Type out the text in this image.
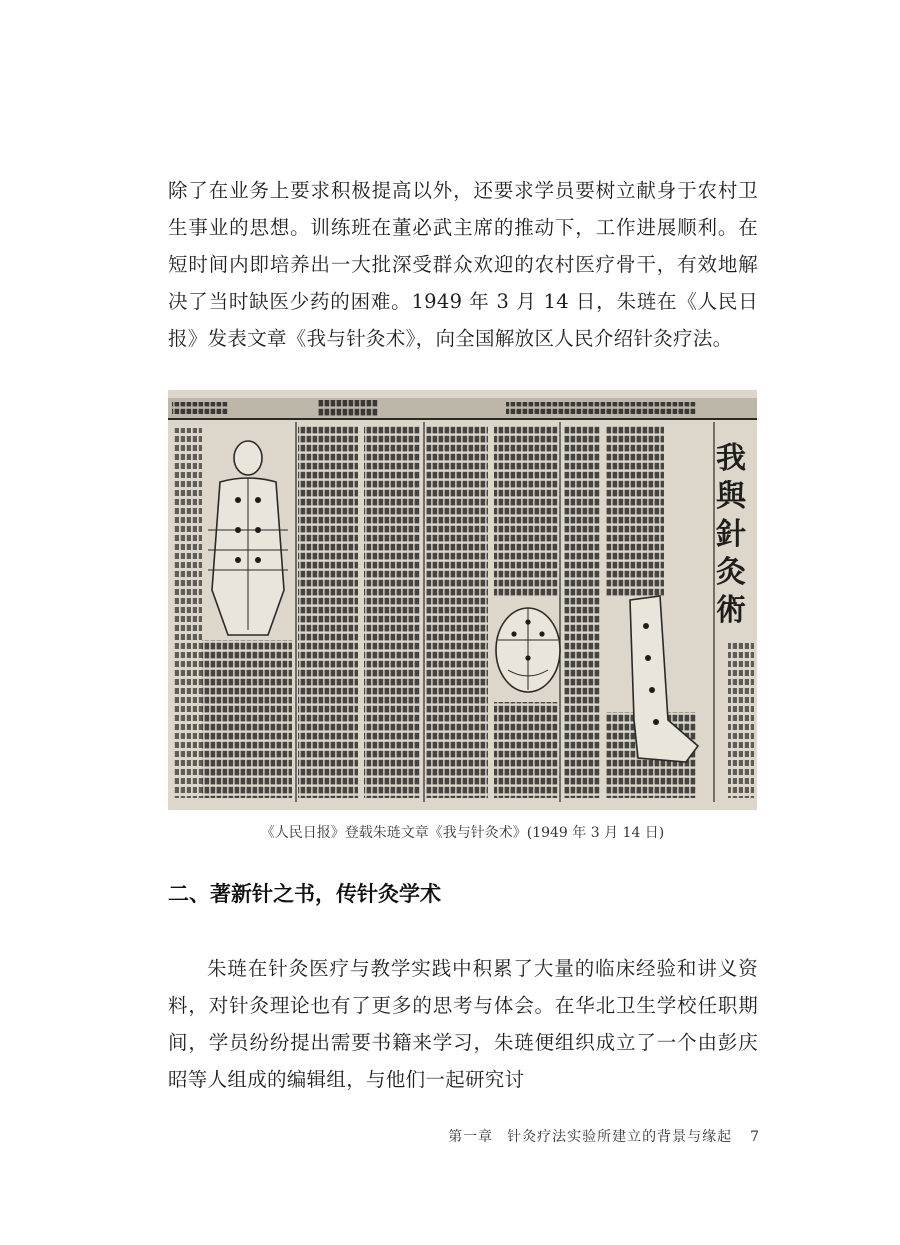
除了在业务上要求积极提高以外，还要求学员要树立献身于农村卫生事业的思想。训练班在董必武主席的推动下，工作进展顺利。在短时间内即培养出一大批深受群众欢迎的农村医疗骨干，有效地解决了当时缺医少药的困难。1949 年 3 月 14 日，朱琏在《人民日报》发表文章《我与针灸术》，向全国解放区人民介绍针灸疗法。

我與針灸術
《人民日报》登载朱琏文章《我与针灸术》(1949 年 3 月 14 日)
二、著新针之书，传针灸学术

朱琏在针灸医疗与教学实践中积累了大量的临床经验和讲义资料，对针灸理论也有了更多的思考与体会。在华北卫生学校任职期间，学员纷纷提出需要书籍来学习，朱琏便组织成立了一个由彭庆昭等人组成的编辑组，与他们一起研究讨

第一章 针灸疗法实验所建立的背景与缘起 7
